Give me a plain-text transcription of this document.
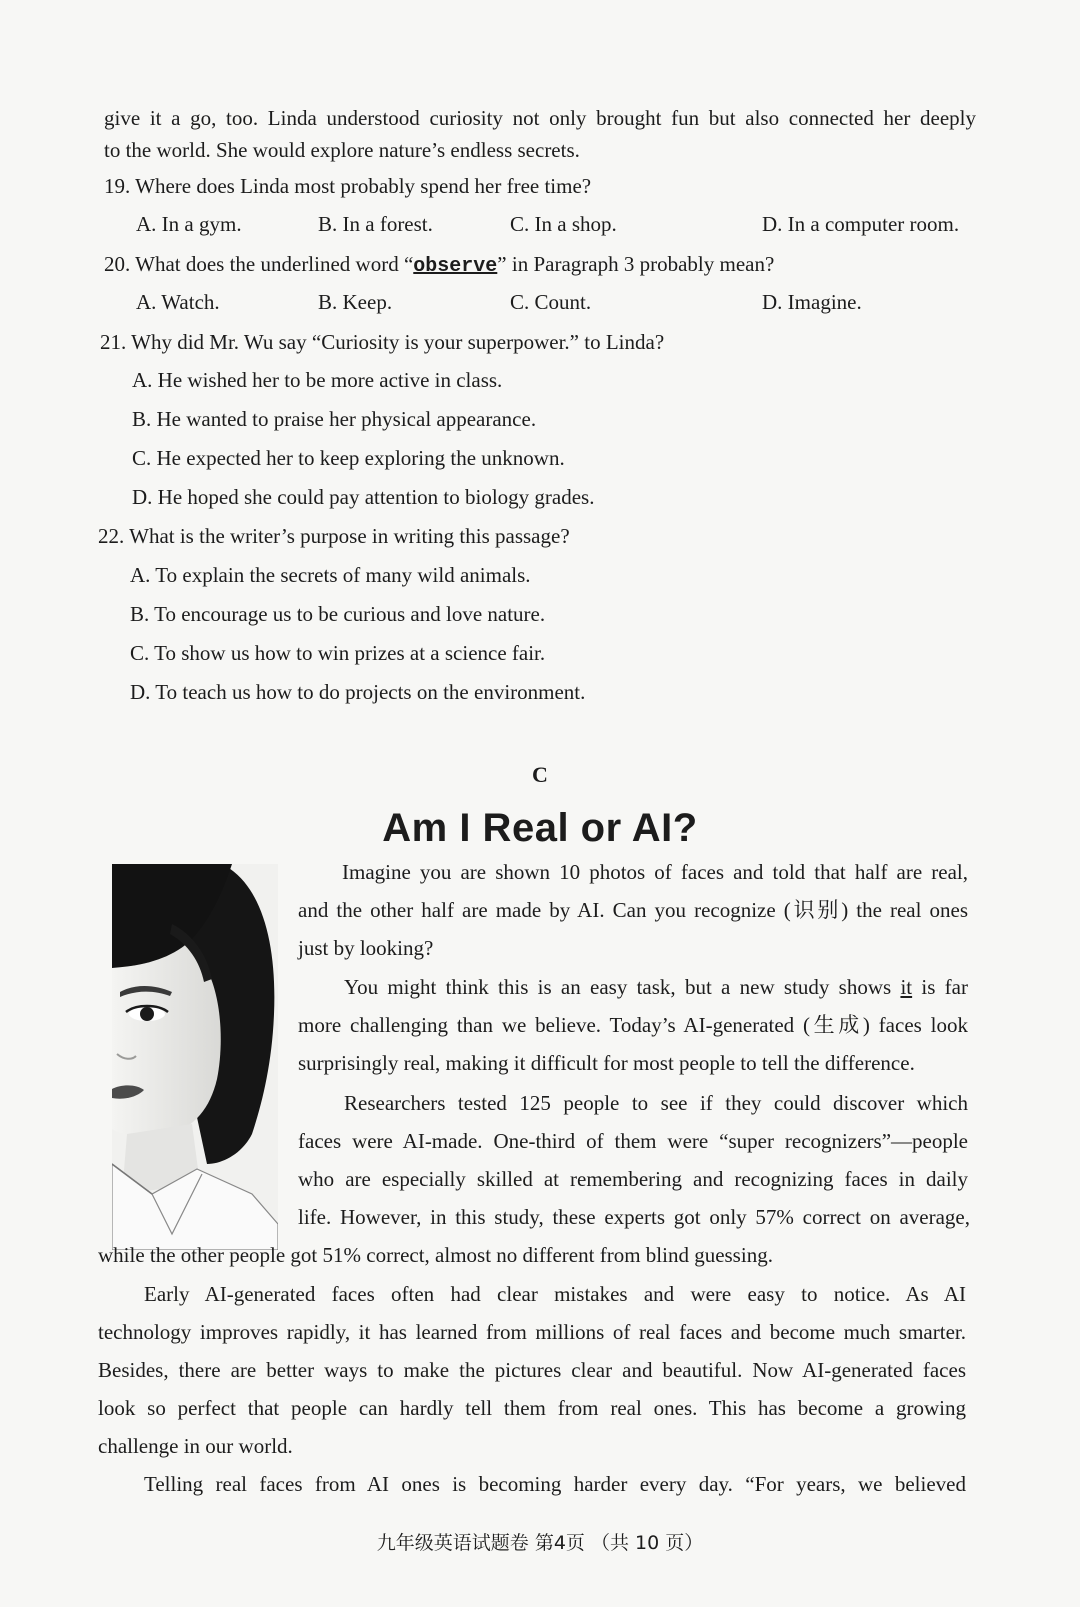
give it a go, too. Linda understood curiosity not only brought fun but also connected her deeply
to the world. She would explore nature’s endless secrets.
19. Where does Linda most probably spend her free time?
A. In a gym.	B. In a forest.	C. In a shop.	D. In a computer room.
20. What does the underlined word “observe” in Paragraph 3 probably mean?
A. Watch.	B. Keep.	C. Count.	D. Imagine.
21. Why did Mr. Wu say “Curiosity is your superpower.” to Linda?
A. He wished her to be more active in class.
B. He wanted to praise her physical appearance.
C. He expected her to keep exploring the unknown.
D. He hoped she could pay attention to biology grades.
22. What is the writer’s purpose in writing this passage?
A. To explain the secrets of many wild animals.
B. To encourage us to be curious and love nature.
C. To show us how to win prizes at a science fair.
D. To teach us how to do projects on the environment.
C
Am I Real or AI?
Imagine you are shown 10 photos of faces and told that half are real,
and the other half are made by AI. Can you recognize (识别) the real ones
just by looking?
You might think this is an easy task, but a new study shows it is far
more challenging than we believe. Today’s AI-generated (生成) faces look
surprisingly real, making it difficult for most people to tell the difference.
Researchers tested 125 people to see if they could discover which
faces were AI-made. One-third of them were “super recognizers”—people
who are especially skilled at remembering and recognizing faces in daily
life. However, in this study, these experts got only 57% correct on average,
while the other people got 51% correct, almost no different from blind guessing.
Early AI-generated faces often had clear mistakes and were easy to notice. As AI
technology improves rapidly, it has learned from millions of real faces and become much smarter.
Besides, there are better ways to make the pictures clear and beautiful. Now AI-generated faces
look so perfect that people can hardly tell them from real ones. This has become a growing
challenge in our world.
Telling real faces from AI ones is becoming harder every day. “For years, we believed
九年级英语试题卷 第4页 （共 10 页）
